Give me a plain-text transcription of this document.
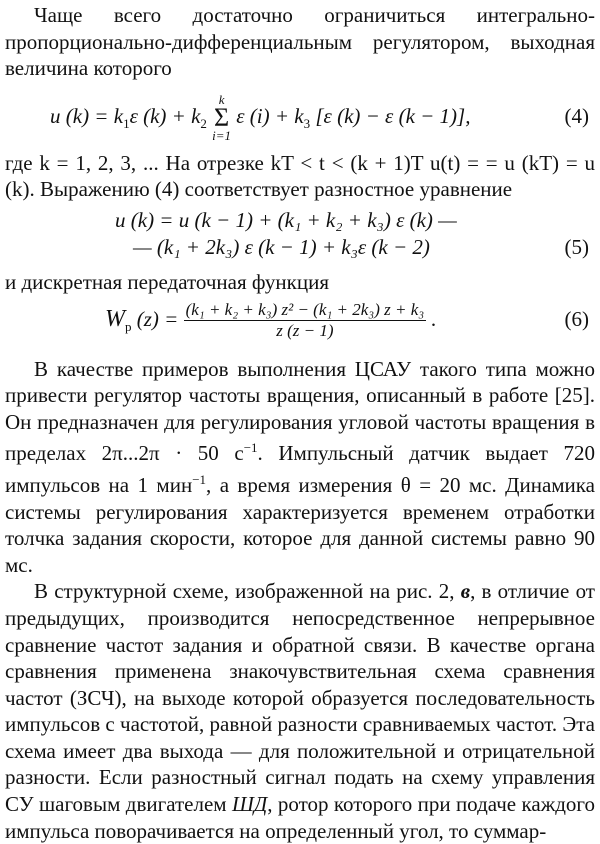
Чаще всего достаточно ограничиться интегрально-пропорционально-дифференциальным регулятором, выходная величина которого

u $(k) = k_1\varepsilon$ $(k) + k_2$
k
Σ
i=1
ε $(i) + k_3$ [ε (k) − ε (k − 1)],	(4)

где k = 1, 2, 3, ... На отрезке kT < t < (k + 1)T u(t) = = u (kT) = u (k). Выражению (4) соответствует разностное уравнение

u (k) = u (k − 1) + (k₁ + k₂ + k₃) ε (k) —
— (k₁ + 2k₃) ε (k − 1) + k₃ε (k − 2)	(5)

и дискретная передаточная функция

$W_p$ $(z) = \frac{\text{(k₁ + k₂ + k₃) z² − (k₁ + 2k₃) z + k₃}}{z (z - 1)}$ .	(6)

В качестве примеров выполнения ЦСАУ такого типа можно привести регулятор частоты вращения, описанный в работе [25]. Он предназначен для регулирования угловой частоты вращения в пределах 2π...2π · 50 $с^{-1}$. Импульсный датчик выдает 720 импульсов на 1 мин$^{-1}$, а время измерения θ = 20 мс. Динамика системы регулирования характеризуется временем отработки толчка задания скорости, которое для данной системы равно 90 мс.

В структурной схеме, изображенной на рис. 2, в, в отличие от предыдущих, производится непосредственное непрерывное сравнение частот задания и обратной связи. В качестве органа сравнения применена знакочувствительная схема сравнения частот (ЗСЧ), на выходе которой образуется последовательность импульсов с частотой, равной разности сравниваемых частот. Эта схема имеет два выхода — для положительной и отрицательной разности. Если разностный сигнал подать на схему управления СУ шаговым двигателем ШД, ротор которого при подаче каждого импульса поворачивается на определенный угол, то суммар-
